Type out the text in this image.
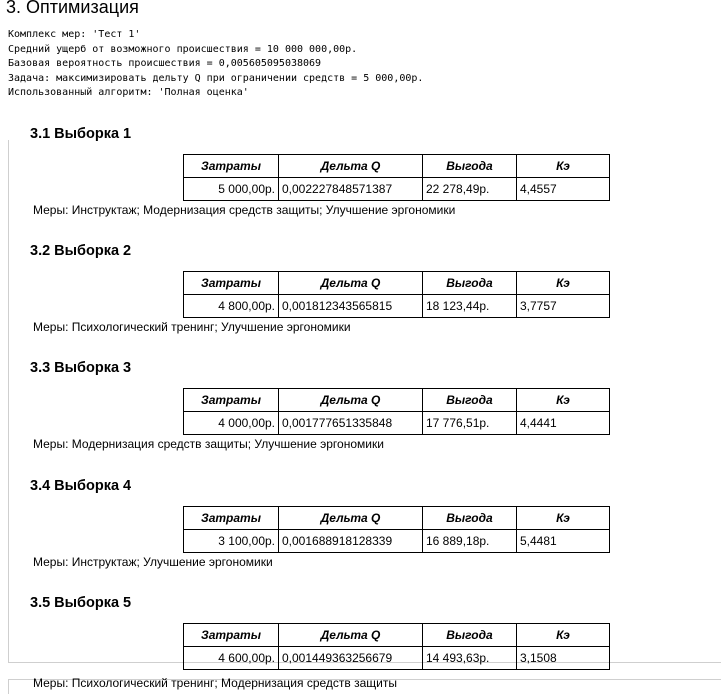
3. Оптимизация
Комплекс мер: 'Тест 1'
Средний ущерб от возможного происшествия = 10 000 000,00р.
Базовая вероятность происшествия = 0,005605095038069
Задача: максимизировать дельту Q при ограничении средств = 5 000,00р.
Использованный алгоритм: 'Полная оценка'
3.1 Выборка 1
Затраты	Дельта Q	Выгода	Кэ
5 000,00р.	0,002227848571387	22 278,49р.	4,4557
Меры: Инструктаж; Модернизация средств защиты; Улучшение эргономики
3.2 Выборка 2
Затраты	Дельта Q	Выгода	Кэ
4 800,00р.	0,001812343565815	18 123,44р.	3,7757
Меры: Психологический тренинг; Улучшение эргономики
3.3 Выборка 3
Затраты	Дельта Q	Выгода	Кэ
4 000,00р.	0,001777651335848	17 776,51р.	4,4441
Меры: Модернизация средств защиты; Улучшение эргономики
3.4 Выборка 4
Затраты	Дельта Q	Выгода	Кэ
3 100,00р.	0,001688918128339	16 889,18р.	5,4481
Меры: Инструктаж; Улучшение эргономики
3.5 Выборка 5
Затраты	Дельта Q	Выгода	Кэ
4 600,00р.	0,001449363256679	14 493,63р.	3,1508
Меры: Психологический тренинг; Модернизация средств защиты
